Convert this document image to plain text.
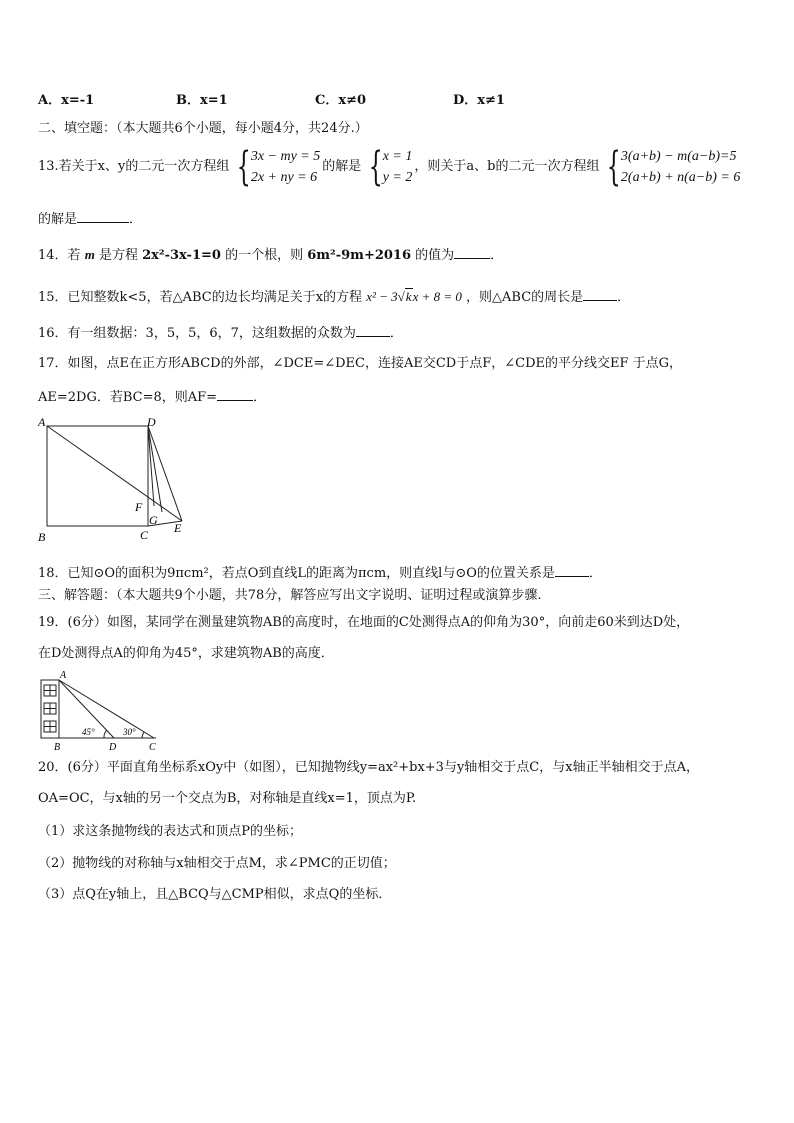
A．x=-1	B．x=1	C．x≠0	D．x≠1
二、填空题：（本大题共6个小题，每小题4分，共24分.）
13.若关于x、y的二元一次方程组 { 3x − my = 5
2x + ny = 6
的解是 { x = 1
y = 2
，则关于a、b的二元一次方程组 { 3(a+b) − m(a−b)=5
2(a+b) + n(a−b) = 6
的解是	．
14．若 m 是方程 2x²-3x-1=0 的一个根，则 6m²-9m+2016 的值为	．
15．已知整数k<5，若△ABC的边长均满足关于x的方程 x² − 3√kx + 8 = 0 ，则△ABC的周长是	．
16．有一组数据：3，5，5，6，7，这组数据的众数为	．
17．如图，点E在正方形ABCD的外部，∠DCE=∠DEC，连接AE交CD于点F，∠CDE的平分线交EF 于点G，
AE=2DG．若BC=8，则AF=	．
A	D
B	C
F
G
E
18．已知⊙O的面积为9πcm²，若点O到直线L的距离为πcm，则直线l与⊙O的位置关系是	．
三、解答题：（本大题共9个小题，共78分，解答应写出文字说明、证明过程或演算步骤.
19．(6分）如图，某同学在测量建筑物AB的高度时，在地面的C处测得点A的仰角为30°，向前走60米到达D处，
在D处测得点A的仰角为45°，求建筑物AB的高度．
A
B	D	C
45°	30°
20．(6分）平面直角坐标系xOy中（如图），已知抛物线y=ax²+bx+3与y轴相交于点C，与x轴正半轴相交于点A，
OA=OC，与x轴的另一个交点为B，对称轴是直线x=1，顶点为P.
（1）求这条抛物线的表达式和顶点P的坐标；
（2）抛物线的对称轴与x轴相交于点M，求∠PMC的正切值；
（3）点Q在y轴上，且△BCQ与△CMP相似，求点Q的坐标．
